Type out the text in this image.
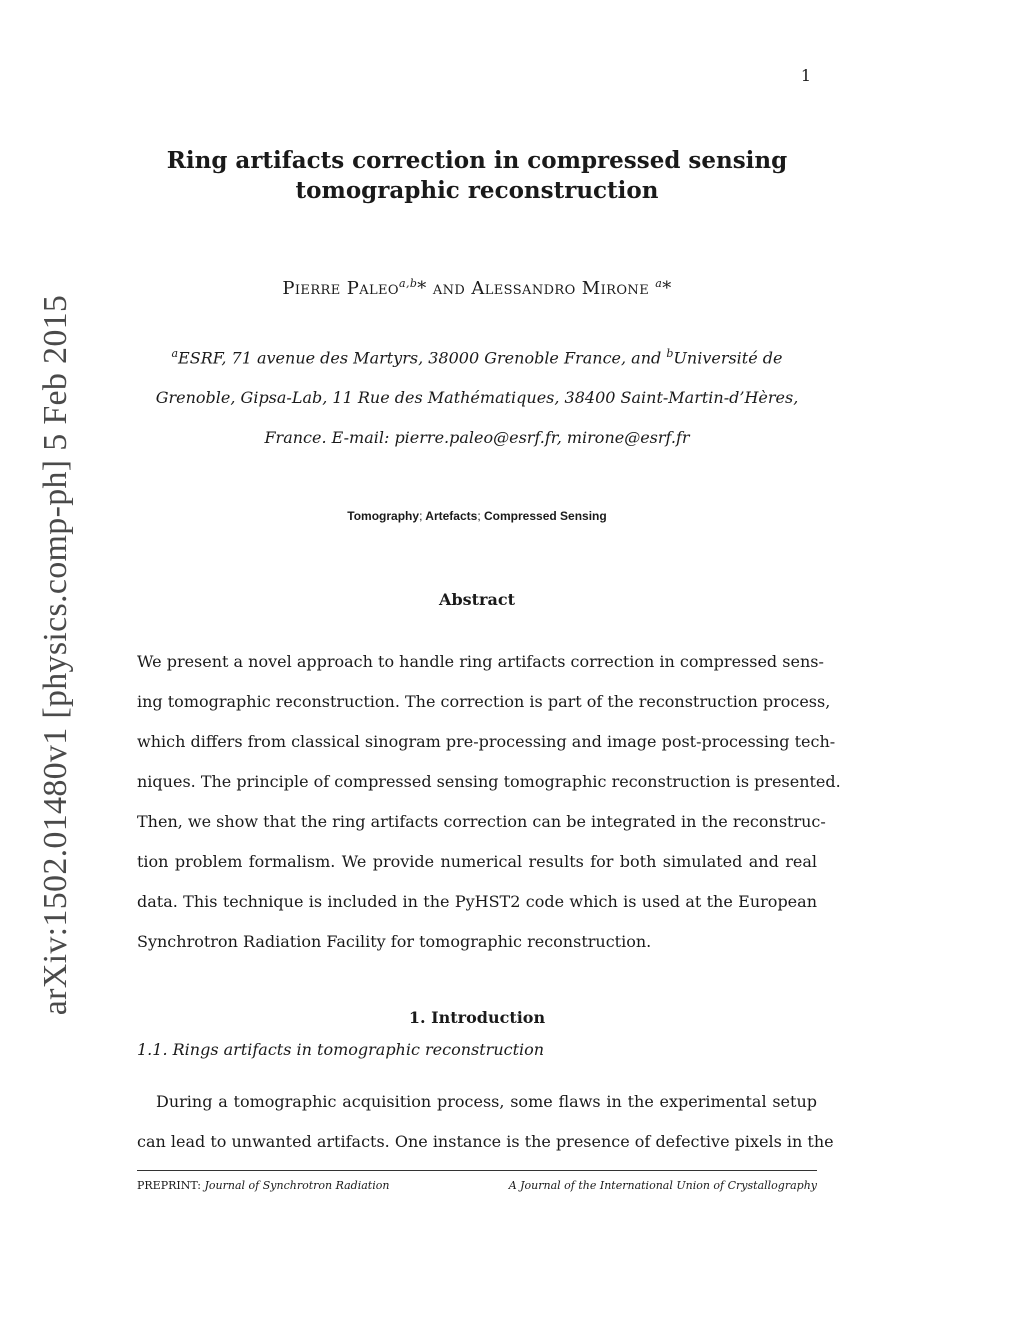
1
arXiv:1502.01480v1 [physics.comp-ph] 5 Feb 2015
Ring artifacts correction in compressed sensing
tomographic reconstruction
Pierre Paleo$^{a,b}$* and Alessandro Mirone $^a$*
$^a$ESRF, 71 avenue des Martyrs, 38000 Grenoble France, and $^b$Université de
Grenoble, Gipsa-Lab, 11 Rue des Mathématiques, 38400 Saint-Martin-d’Hères,
France. E-mail: pierre.paleo@esrf.fr, mirone@esrf.fr
Tomography; Artefacts; Compressed Sensing
Abstract
We present a novel approach to handle ring artifacts correction in compressed sens-
ing tomographic reconstruction. The correction is part of the reconstruction process,
which differs from classical sinogram pre-processing and image post-processing tech-
niques. The principle of compressed sensing tomographic reconstruction is presented.
Then, we show that the ring artifacts correction can be integrated in the reconstruc-
tion problem formalism. We provide numerical results for both simulated and real
data. This technique is included in the PyHST2 code which is used at the European
Synchrotron Radiation Facility for tomographic reconstruction.
1. Introduction
1.1. Rings artifacts in tomographic reconstruction
During a tomographic acquisition process, some flaws in the experimental setup
can lead to unwanted artifacts. One instance is the presence of defective pixels in the
PREPRINT: Journal of Synchrotron Radiation	A Journal of the International Union of Crystallography
